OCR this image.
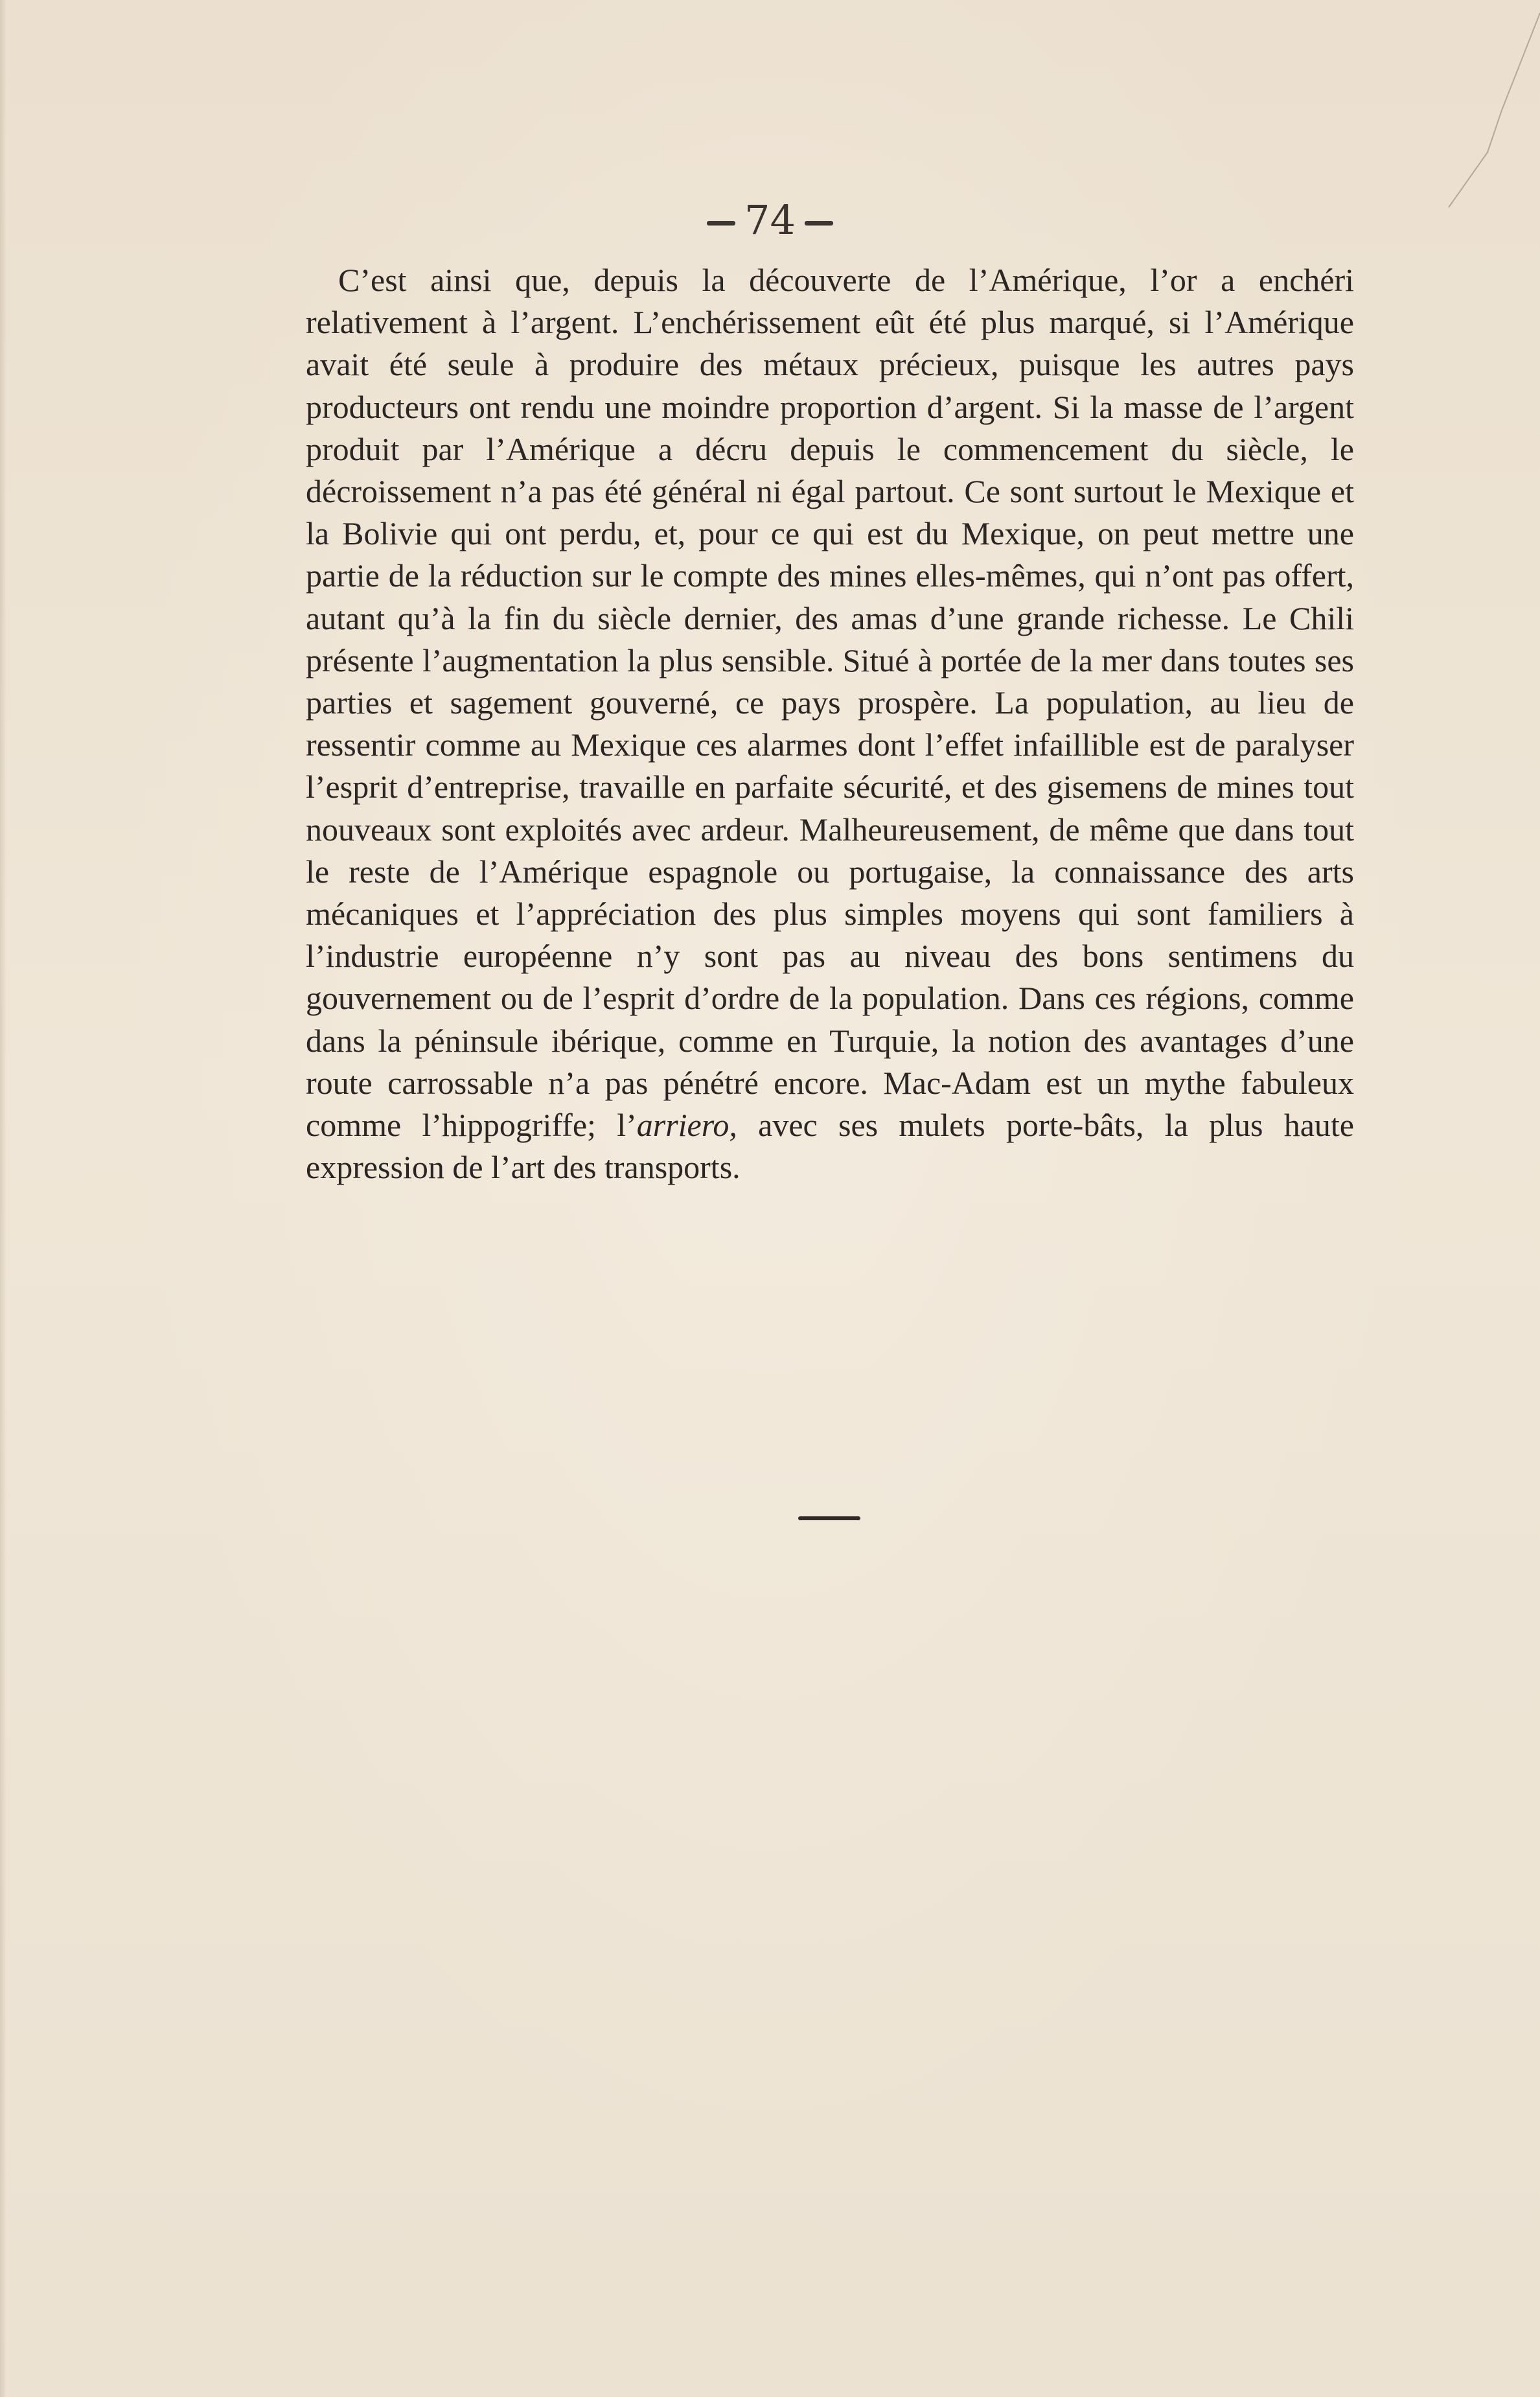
74

C’est ainsi que, depuis la découverte de l’Amérique, l’or a enchéri relativement à l’argent. L’enchérissement eût été plus marqué, si l’Amérique avait été seule à produire des métaux précieux, puisque les autres pays producteurs ont rendu une moindre proportion d’argent. Si la masse de l’argent produit par l’Amérique a décru depuis le commencement du siècle, le décroissement n’a pas été général ni égal partout. Ce sont surtout le Mexique et la Bolivie qui ont perdu, et, pour ce qui est du Mexique, on peut mettre une partie de la réduction sur le compte des mines elles-mêmes, qui n’ont pas offert, autant qu’à la fin du siècle dernier, des amas d’une grande richesse. Le Chili présente l’augmentation la plus sensible. Situé à portée de la mer dans toutes ses parties et sagement gouverné, ce pays prospère. La population, au lieu de ressentir comme au Mexique ces alarmes dont l’effet infaillible est de paralyser l’esprit d’entreprise, travaille en parfaite sécurité, et des gisemens de mines tout nouveaux sont exploités avec ardeur. Malheureusement, de même que dans tout le reste de l’Amérique espagnole ou portugaise, la connaissance des arts mécaniques et l’appréciation des plus simples moyens qui sont familiers à l’industrie européenne n’y sont pas au niveau des bons sentimens du gouvernement ou de l’esprit d’ordre de la population. Dans ces régions, comme dans la péninsule ibérique, comme en Turquie, la notion des avantages d’une route carrossable n’a pas pénétré encore. Mac-Adam est un mythe fabuleux comme l’hippogriffe; l’arriero, avec ses mulets porte-bâts, la plus haute expression de l’art des transports.
